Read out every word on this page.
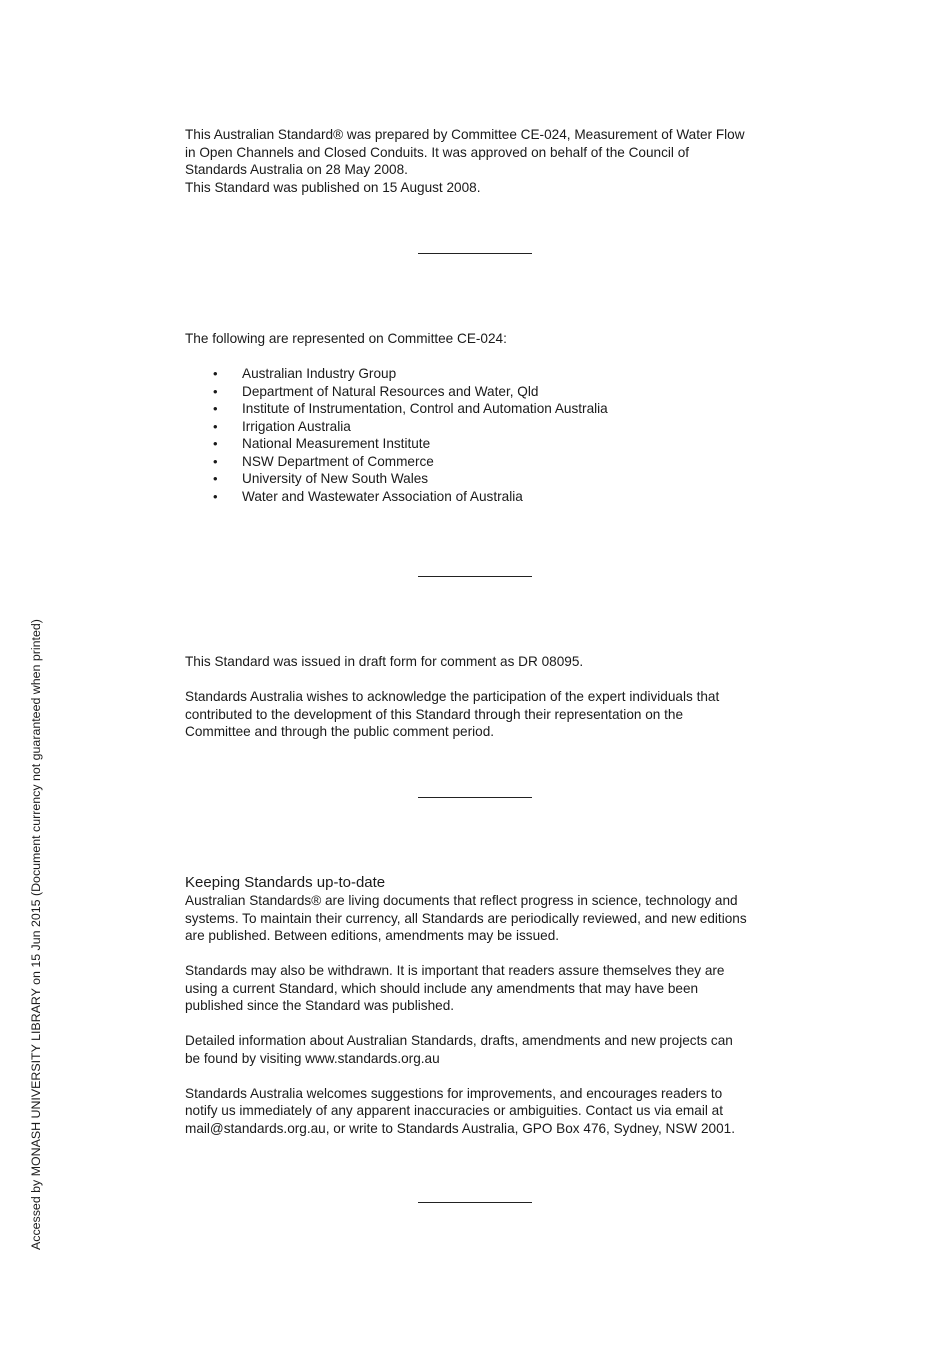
This Australian Standard® was prepared by Committee CE-024, Measurement of Water Flow

in Open Channels and Closed Conduits. It was approved on behalf of the Council of

Standards Australia on 28 May 2008.

This Standard was published on 15 August 2008.

The following are represented on Committee CE-024:

• Australian Industry Group
• Department of Natural Resources and Water, Qld
• Institute of Instrumentation, Control and Automation Australia
• Irrigation Australia
• National Measurement Institute
• NSW Department of Commerce
• University of New South Wales
• Water and Wastewater Association of Australia

This Standard was issued in draft form for comment as DR 08095.

Standards Australia wishes to acknowledge the participation of the expert individuals that

contributed to the development of this Standard through their representation on the

Committee and through the public comment period.

Keeping Standards up-to-date

Australian Standards® are living documents that reflect progress in science, technology and

systems. To maintain their currency, all Standards are periodically reviewed, and new editions

are published. Between editions, amendments may be issued.

Standards may also be withdrawn. It is important that readers assure themselves they are

using a current Standard, which should include any amendments that may have been

published since the Standard was published.

Detailed information about Australian Standards, drafts, amendments and new projects can

be found by visiting www.standards.org.au

Standards Australia welcomes suggestions for improvements, and encourages readers to

notify us immediately of any apparent inaccuracies or ambiguities. Contact us via email at

mail@standards.org.au, or write to Standards Australia, GPO Box 476, Sydney, NSW 2001.

Accessed by MONASH UNIVERSITY LIBRARY on 15 Jun 2015 (Document currency not guaranteed when printed)
